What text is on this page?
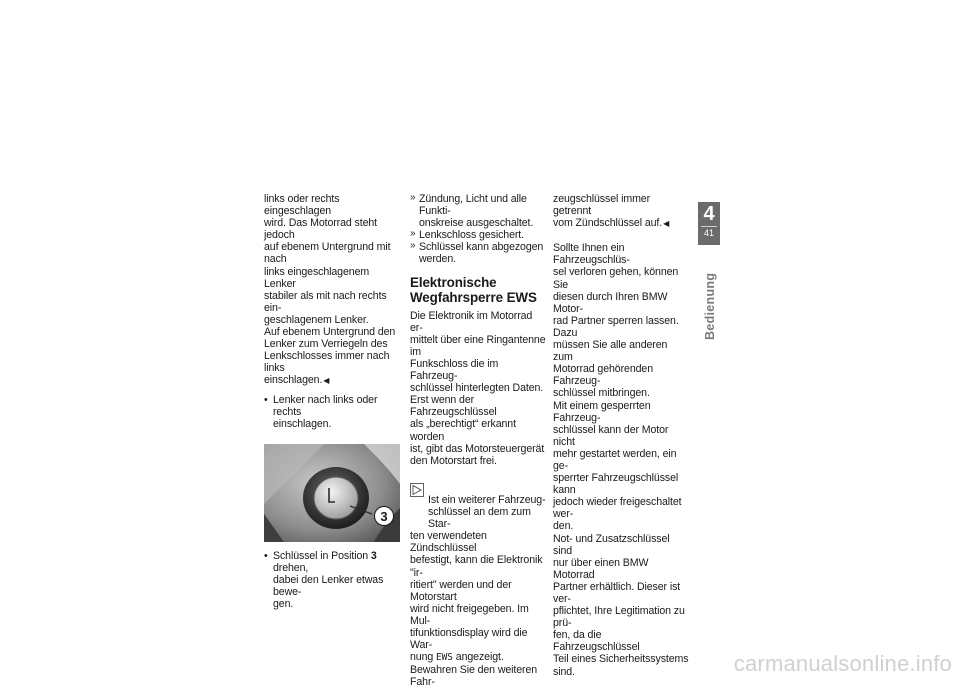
links oder rechts eingeschlagen
wird. Das Motorrad steht jedoch
auf ebenem Untergrund mit nach
links eingeschlagenem Lenker
stabiler als mit nach rechts ein-
geschlagenem Lenker.

Auf ebenem Untergrund den
Lenker zum Verriegeln des
Lenkschlosses immer nach links
einschlagen.◀

• Lenker nach links oder rechts
einschlagen.
3
• Schlüssel in Position 3 drehen,
dabei den Lenker etwas bewe-
gen.
» Zündung, Licht und alle Funkti-
onskreise ausgeschaltet.
» Lenkschloss gesichert.
» Schlüssel kann abgezogen
werden.
Elektronische
Wegfahrsperre EWS

Die Elektronik im Motorrad er-
mittelt über eine Ringantenne im
Funkschloss die im Fahrzeug-
schlüssel hinterlegten Daten.
Erst wenn der Fahrzeugschlüssel
als „berechtigt“ erkannt worden
ist, gibt das Motorsteuergerät
den Motorstart frei.

Ist ein weiterer Fahrzeug-
schlüssel an dem zum Star-

ten verwendeten Zündschlüssel
befestigt, kann die Elektronik "ir-
ritiert" werden und der Motorstart
wird nicht freigegeben. Im Mul-
tifunktionsdisplay wird die War-
nung EWS angezeigt.
Bewahren Sie den weiteren Fahr-

zeugschlüssel immer getrennt
vom Zündschlüssel auf.◀

Sollte Ihnen ein Fahrzeugschlüs-
sel verloren gehen, können Sie
diesen durch Ihren BMW Motor-
rad Partner sperren lassen. Dazu
müssen Sie alle anderen zum
Motorrad gehörenden Fahrzeug-
schlüssel mitbringen.

Mit einem gesperrten Fahrzeug-
schlüssel kann der Motor nicht
mehr gestartet werden, ein ge-
sperrter Fahrzeugschlüssel kann
jedoch wieder freigeschaltet wer-
den.

Not- und Zusatzschlüssel sind
nur über einen BMW Motorrad
Partner erhältlich. Dieser ist ver-
pflichtet, Ihre Legitimation zu prü-
fen, da die Fahrzeugschlüssel
Teil eines Sicherheitssystems
sind.

4
41
Bedienung
carmanualsonline.info
